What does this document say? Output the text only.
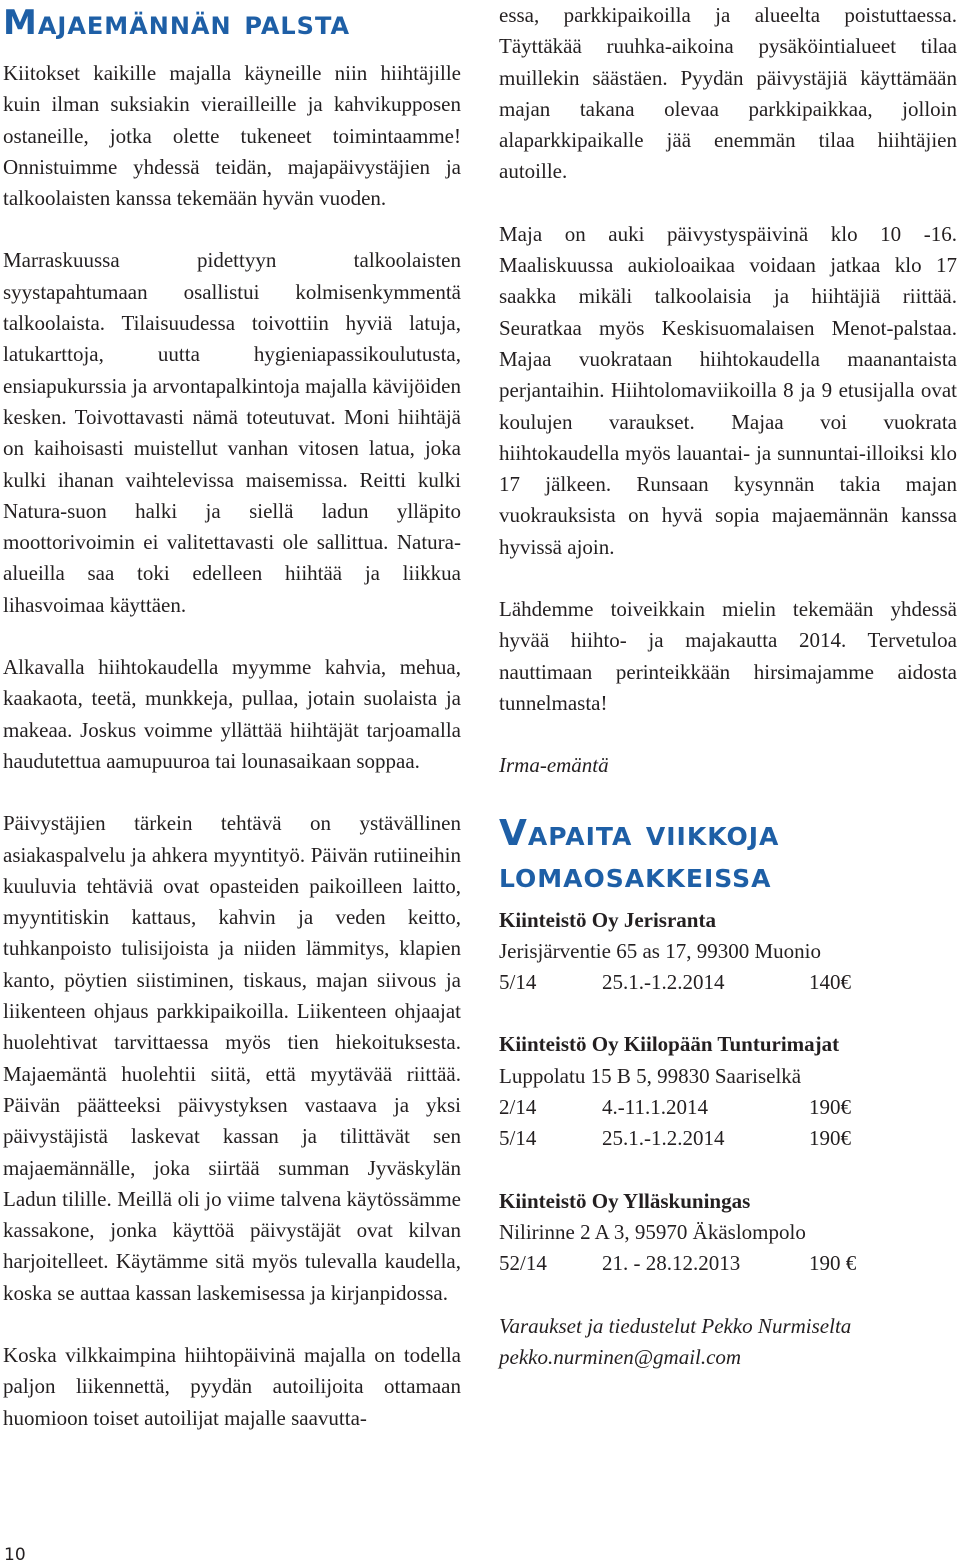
Majaemännän palsta

Kiitokset kaikille majalla käyneille niin hiihtäjille kuin ilman suksiakin vierailleille ja kahvikupposen ostaneille, jotka olette tukeneet toimintaamme! Onnistuimme yhdessä teidän, majapäivystäjien ja talkoolaisten kanssa tekemään hyvän vuoden.

Marraskuussa pidettyyn talkoolaisten syystapahtumaan osallistui kolmisenkymmentä talkoolaista. Tilaisuudessa toivottiin hyviä latuja, latukarttoja, uutta hygieniapassikoulutusta, ensiapukurssia ja arvontapalkintoja majalla kävijöiden kesken. Toivottavasti nämä toteutuvat. Moni hiihtäjä on kaihoisasti muistellut vanhan vitosen latua, joka kulki ihanan vaihtelevissa maisemissa. Reitti kulki Natura-suon halki ja siellä ladun ylläpito moottorivoimin ei valitettavasti ole sallittua. Natura-alueilla saa toki edelleen hiihtää ja liikkua lihasvoimaa käyttäen.

Alkavalla hiihtokaudella myymme kahvia, mehua, kaakaota, teetä, munkkeja, pullaa, jotain suolaista ja makeaa. Joskus voimme yllättää hiihtäjät tarjoamalla haudutettua aamupuuroa tai lounasaikaan soppaa.

Päivystäjien tärkein tehtävä on ystävällinen asiakaspalvelu ja ahkera myyntityö. Päivän rutiineihin kuuluvia tehtäviä ovat opasteiden paikoilleen laitto, myyntitiskin kattaus, kahvin ja veden keitto, tuhkanpoisto tulisijoista ja niiden lämmitys, klapien kanto, pöytien siistiminen, tiskaus, majan siivous ja liikenteen ohjaus parkkipaikoilla. Liikenteen ohjaajat huolehtivat tarvittaessa myös tien hiekoituksesta. Majaemäntä huolehtii siitä, että myytävää riittää. Päivän päätteeksi päivystyksen vastaava ja yksi päivystäjistä laskevat kassan ja tilittävät sen majaemännälle, joka siirtää summan Jyväskylän Ladun tilille. Meillä oli jo viime talvena käytössämme kassakone, jonka käyttöä päivystäjät ovat kilvan harjoitelleet. Käytämme sitä myös tulevalla kaudella, koska se auttaa kassan laskemisessa ja kirjanpidossa.

Koska vilkkaimpina hiihtopäivinä majalla on todella paljon liikennettä, pyydän autoilijoita ottamaan huomioon toiset autoilijat majalle saavutta-

essa, parkkipaikoilla ja alueelta poistuttaessa. Täyttäkää ruuhka-aikoina pysäköintialueet tilaa muillekin säästäen. Pyydän päivystäjiä käyttämään majan takana olevaa parkkipaikkaa, jolloin alaparkkipaikalle jää enemmän tilaa hiihtäjien autoille.

Maja on auki päivystyspäivinä klo 10 -16. Maaliskuussa aukioloaikaa voidaan jatkaa klo 17 saakka mikäli talkoolaisia ja hiihtäjiä riittää. Seuratkaa myös Keskisuomalaisen Menot-palstaa. Majaa vuokrataan hiihtokaudella maanantaista perjantaihin. Hiihtolomaviikoilla 8 ja 9 etusijalla ovat koulujen varaukset. Majaa voi vuokrata hiihtokaudella myös lauantai- ja sunnuntai-illoiksi klo 17 jälkeen. Runsaan kysynnän takia majan vuokrauksista on hyvä sopia majaemännän kanssa hyvissä ajoin.

Lähdemme toiveikkain mielin tekemään yhdessä hyvää hiihto- ja majakautta 2014. Tervetuloa nauttimaan perinteikkään hirsimajamme aidosta tunnelmasta!

Irma-emäntä

Vapaita viikkoja lomaosakkeissa
Kiinteistö Oy Jerisranta
Jerisjärventie 65 as 17, 99300 Muonio
5/14	25.1.-1.2.2014	140€
Kiinteistö Oy Kiilopään Tunturimajat
Luppolatu 15 B 5, 99830 Saariselkä
2/14	4.-11.1.2014	190€
5/14	25.1.-1.2.2014	190€
Kiinteistö Oy Ylläskuningas
Nilirinne 2 A 3, 95970 Äkäslompolo
52/14	21. - 28.12.2013	190 €
Varaukset ja tiedustelut Pekko Nurmiselta
pekko.nurminen@gmail.com
10
